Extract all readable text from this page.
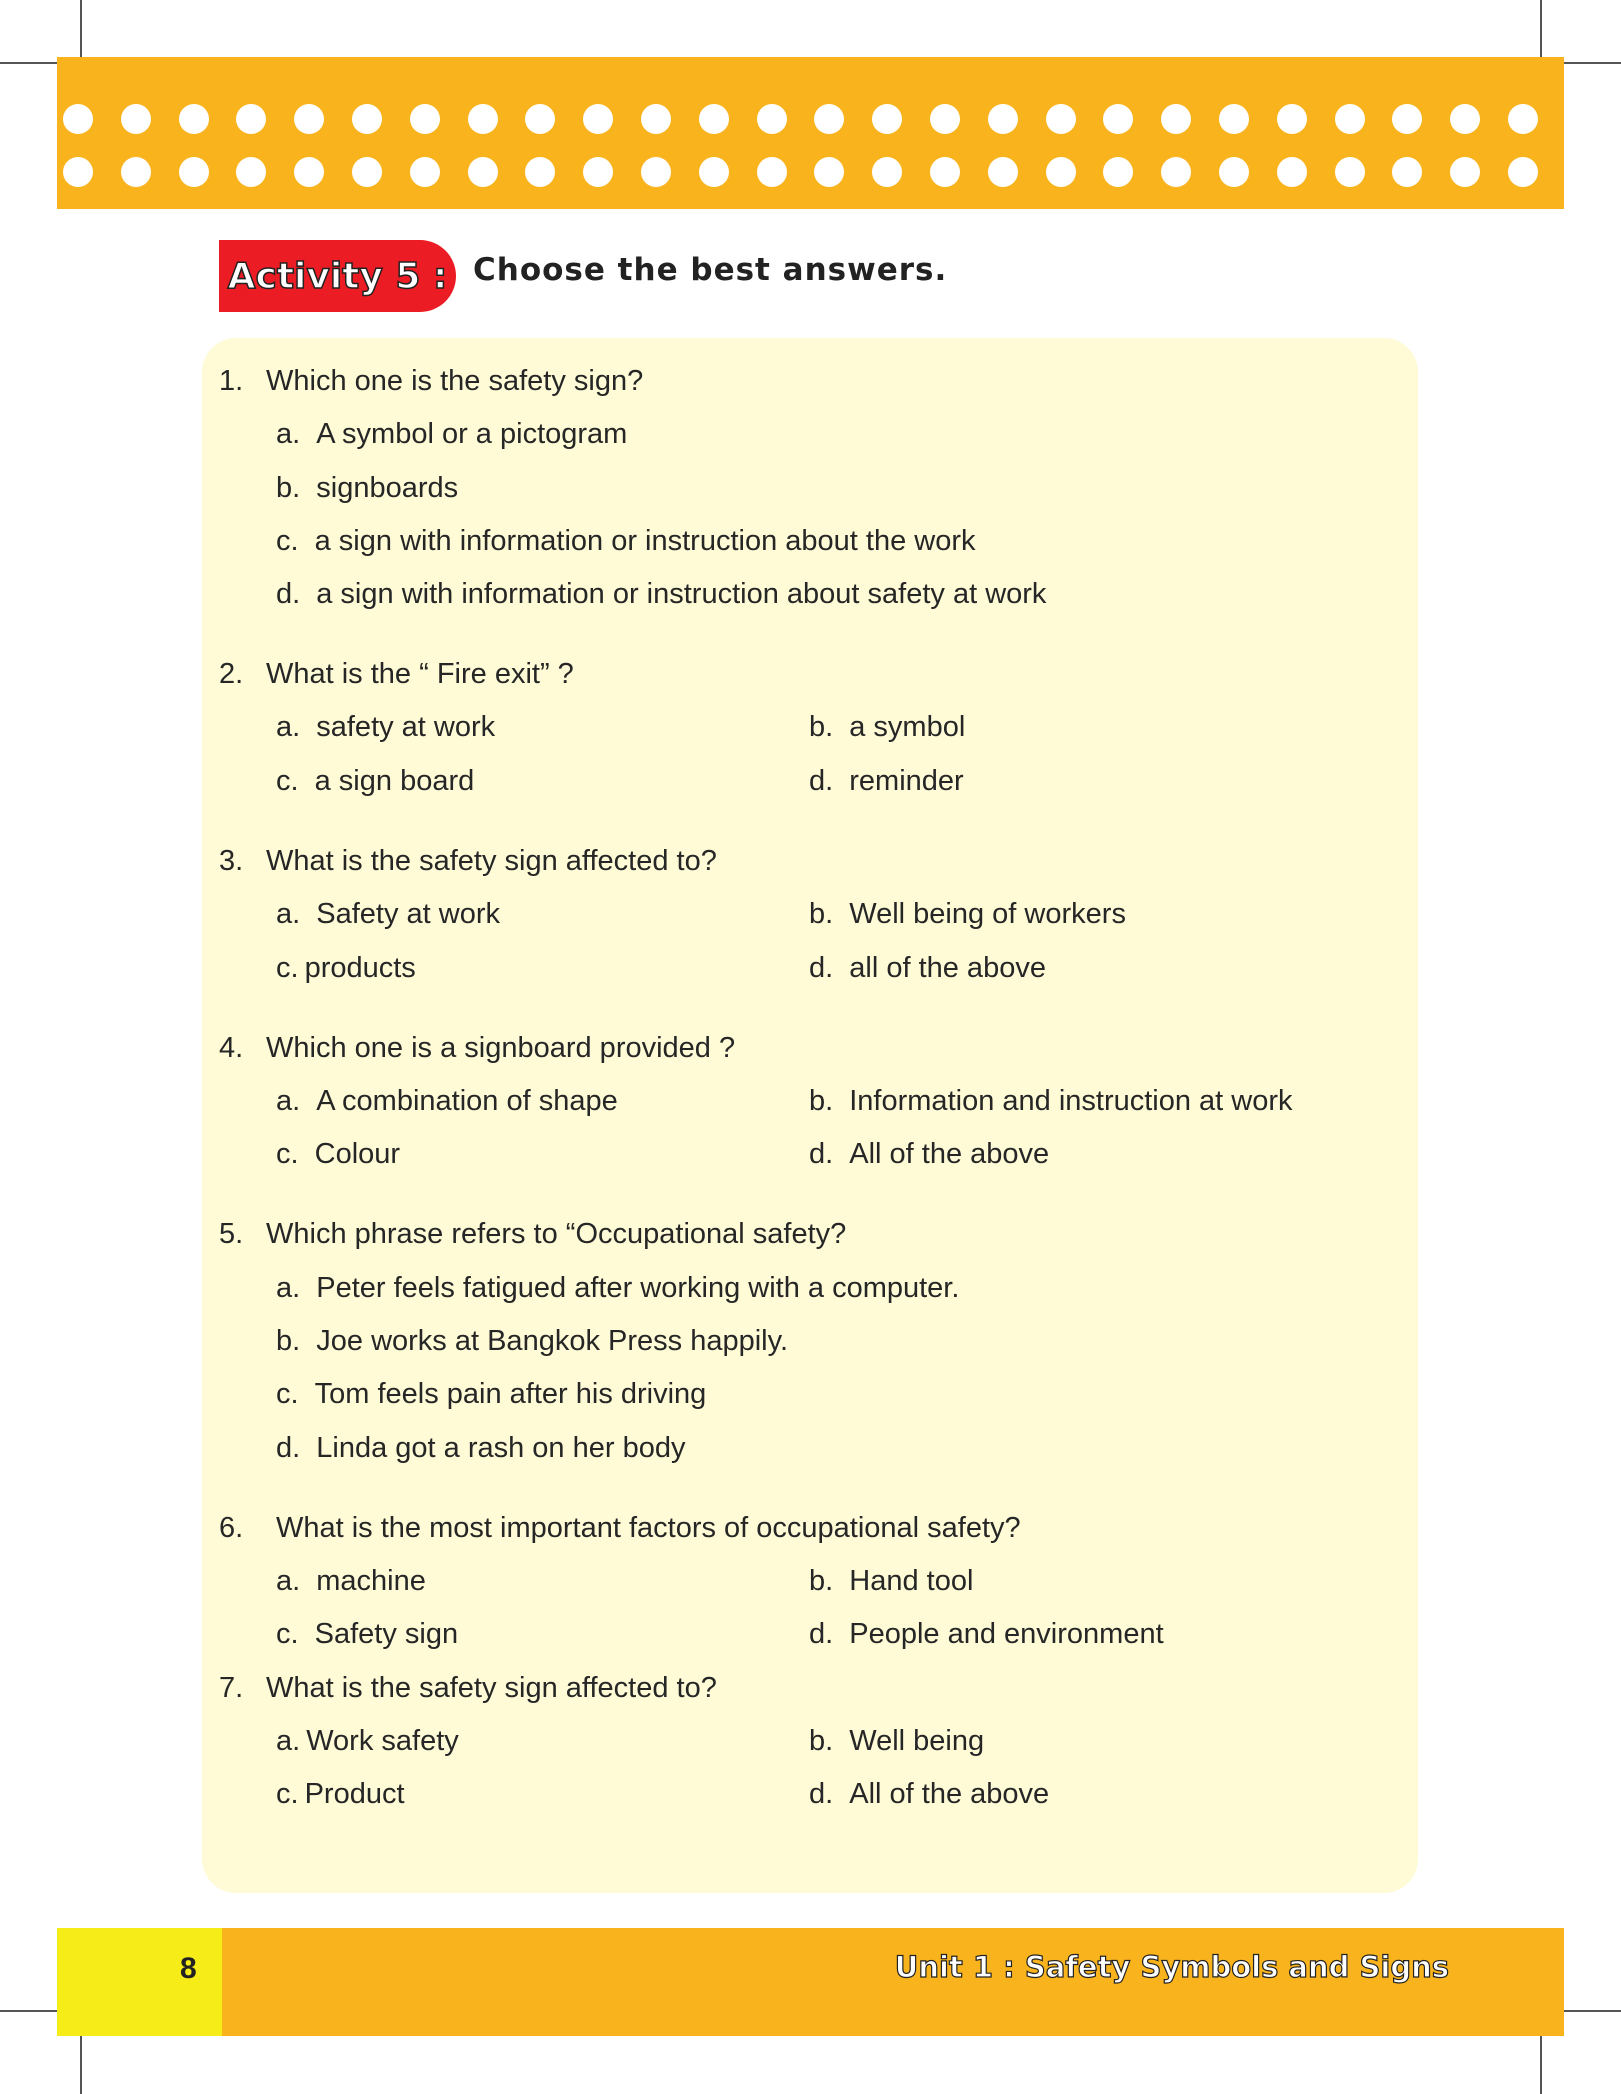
Activity 5 : Choose the best answers.
1. Which one is the safety sign?
a. A symbol or a pictogram
b. signboards
c. a sign with information or instruction about the work
d. a sign with information or instruction about safety at work
2. What is the “ Fire exit” ?
a. safety at work	b. a symbol
c. a sign board	d. reminder
3. What is the safety sign affected to?
a. Safety at work	b. Well being of workers
c. products	d. all of the above
4. Which one is a signboard provided ?
a. A combination of shape	b. Information and instruction at work
c. Colour	d. All of the above
5. Which phrase refers to “Occupational safety?
a. Peter feels fatigued after working with a computer.
b. Joe works at Bangkok Press happily.
c. Tom feels pain after his driving
d. Linda got a rash on her body
6. What is the most important factors of occupational safety?
a. machine	b. Hand tool
c. Safety sign	d. People and environment
7. What is the safety sign affected to?
a. Work safety	b. Well being
c. Product	d. All of the above
8	Unit 1 : Safety Symbols and Signs
